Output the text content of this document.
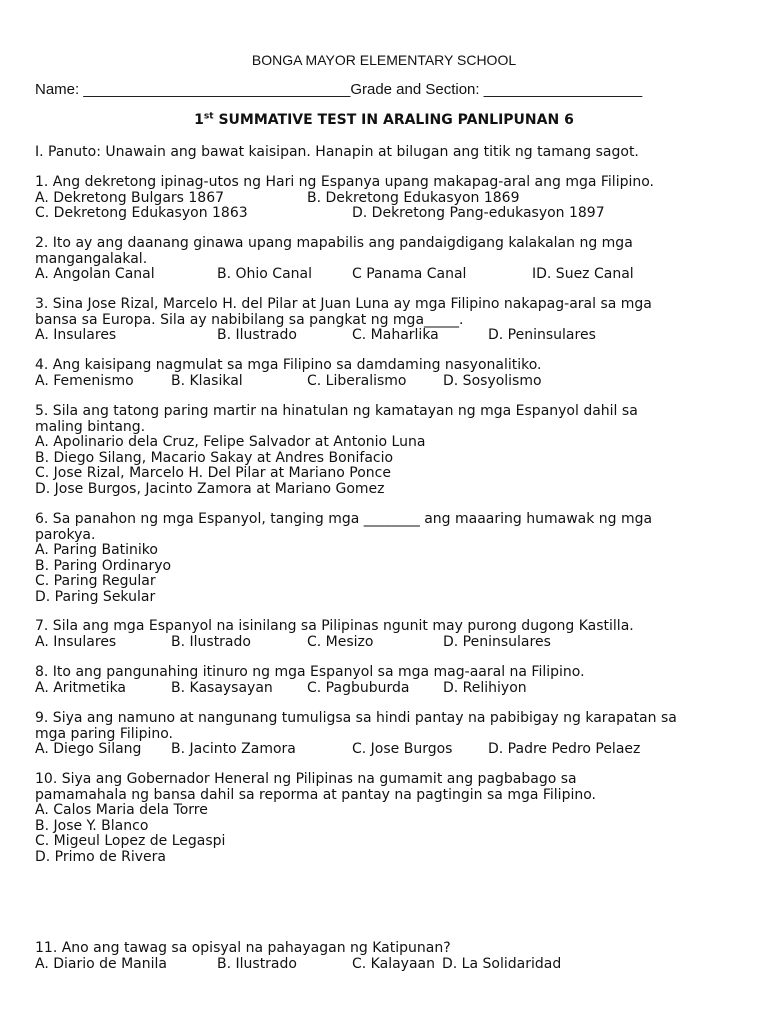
BONGA MAYOR ELEMENTARY SCHOOL
Name: ________________________________Grade and Section: ___________________
1st SUMMATIVE TEST IN ARALING PANLIPUNAN 6
I. Panuto: Unawain ang bawat kaisipan. Hanapin at bilugan ang titik ng tamang sagot.
1. Ang dekretong ipinag-utos ng Hari ng Espanya upang makapag-aral ang mga Filipino.
A. Dekretong Bulgars 1867	B. Dekretong Edukasyon 1869
C. Dekretong Edukasyon 1863	D. Dekretong Pang-edukasyon 1897
2. Ito ay ang daanang ginawa upang mapabilis ang pandaigdigang kalakalan ng mga
mangangalakal.
A. Angolan Canal	B. Ohio Canal	C Panama Canal	ID. Suez Canal
3. Sina Jose Rizal, Marcelo H. del Pilar at Juan Luna ay mga Filipino nakapag-aral sa mga
bansa sa Europa. Sila ay nabibilang sa pangkat ng mga_____.
A. Insulares	B. Ilustrado	C. Maharlika	D. Peninsulares
4. Ang kaisipang nagmulat sa mga Filipino sa damdaming nasyonalitiko.
A. Femenismo	B. Klasikal	C. Liberalismo	D. Sosyolismo
5. Sila ang tatong paring martir na hinatulan ng kamatayan ng mga Espanyol dahil sa
maling bintang.
A. Apolinario dela Cruz, Felipe Salvador at Antonio Luna
B. Diego Silang, Macario Sakay at Andres Bonifacio
C. Jose Rizal, Marcelo H. Del Pilar at Mariano Ponce
D. Jose Burgos, Jacinto Zamora at Mariano Gomez
6. Sa panahon ng mga Espanyol, tanging mga ________ ang maaaring humawak ng mga
parokya.
A. Paring Batiniko
B. Paring Ordinaryo
C. Paring Regular
D. Paring Sekular
7. Sila ang mga Espanyol na isinilang sa Pilipinas ngunit may purong dugong Kastilla.
A. Insulares	B. Ilustrado	C. Mesizo	D. Peninsulares
8. Ito ang pangunahing itinuro ng mga Espanyol sa mga mag-aaral na Filipino.
A. Aritmetika	B. Kasaysayan C. Pagbuburda D. Relihiyon
9. Siya ang namuno at nangunang tumuligsa sa hindi pantay na pabibigay ng karapatan sa
mga paring Filipino.
A. Diego Silang B. Jacinto Zamora	C. Jose Burgos	D. Padre Pedro Pelaez
10. Siya ang Gobernador Heneral ng Pilipinas na gumamit ang pagbabago sa
pamamahala ng bansa dahil sa reporma at pantay na pagtingin sa mga Filipino.
A. Calos Maria dela Torre
B. Jose Y. Blanco
C. Migeul Lopez de Legaspi
D. Primo de Rivera
11. Ano ang tawag sa opisyal na pahayagan ng Katipunan?
A. Diario de Manila	B. Ilustrado	C. Kalayaan D. La Solidaridad
